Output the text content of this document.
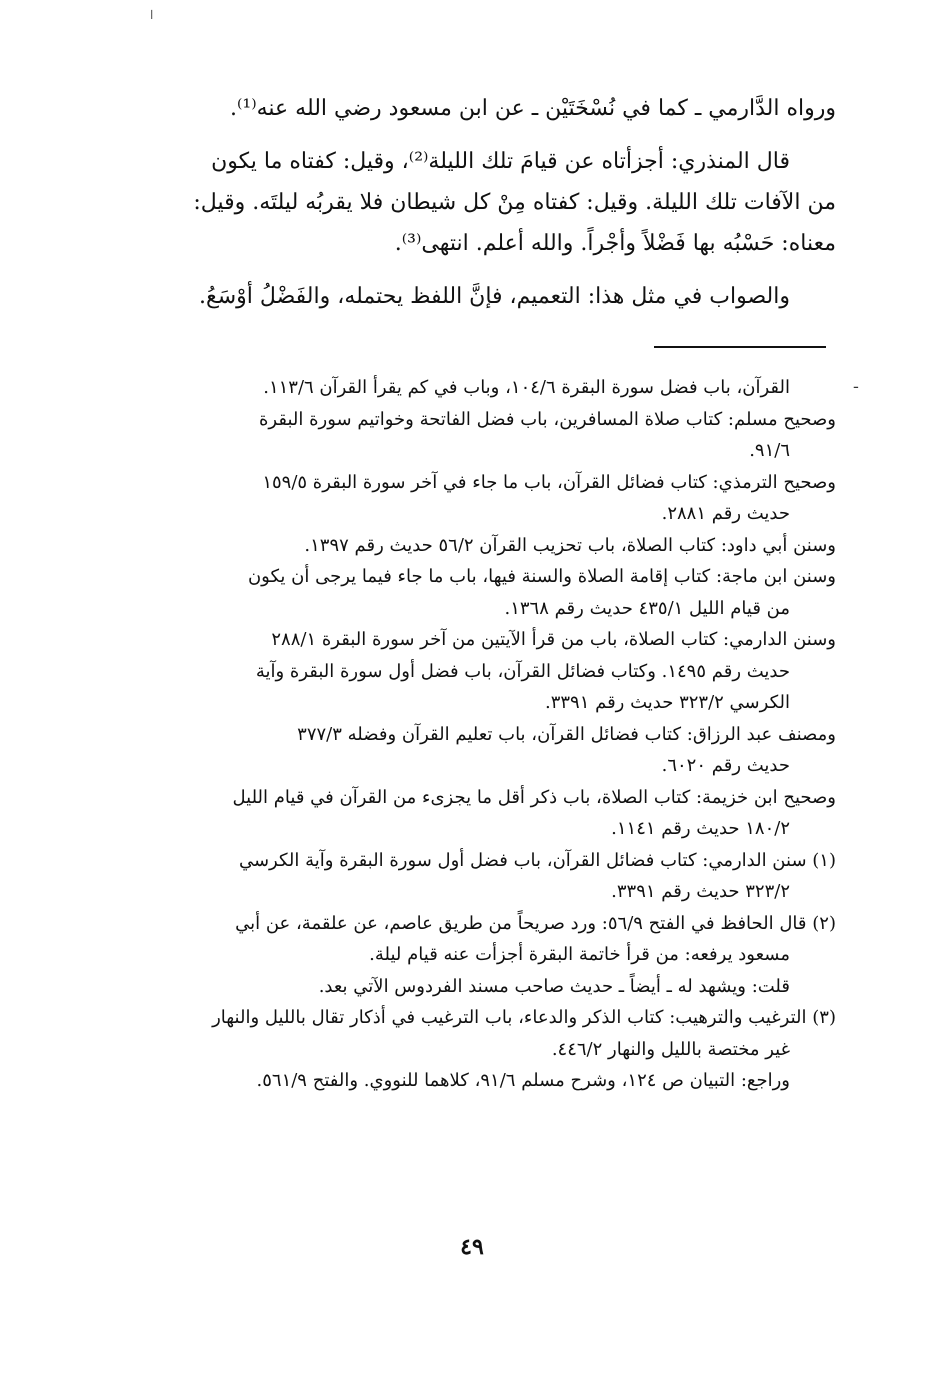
ا

ورواه الدَّارمي ـ كما في نُسْخَتَيْن ـ عن ابن مسعود رضي الله عنه⁽¹⁾.

قال المنذري: أجزأتاه عن قيامَ تلك الليلة⁽²⁾، وقيل: كفتاه ما يكون
من الآفات تلك الليلة. وقيل: كفتاه مِنْ كل شيطان فلا يقربُه ليلتَه. وقيل:
معناه: حَسْبُه بها فَضْلاً وأجْراً. والله أعلم. انتهى⁽³⁾.

والصواب في مثل هذا: التعميم، فإنَّ اللفظ يحتمله، والفَضْلُ أوْسَعُ.

ـ
القرآن، باب فضل سورة البقرة ١٠٤/٦، وباب في كم يقرأ القرآن ١١٣/٦.
وصحيح مسلم: كتاب صلاة المسافرين، باب فضل الفاتحة وخواتيم سورة البقرة
٩١/٦.
وصحيح الترمذي: كتاب فضائل القرآن، باب ما جاء في آخر سورة البقرة ١٥٩/٥
حديث رقم ٢٨٨١.
وسنن أبي داود: كتاب الصلاة، باب تحزيب القرآن ٥٦/٢ حديث رقم ١٣٩٧.
وسنن ابن ماجة: كتاب إقامة الصلاة والسنة فيها، باب ما جاء فيما يرجى أن يكون
من قيام الليل ٤٣٥/١ حديث رقم ١٣٦٨.
وسنن الدارمي: كتاب الصلاة، باب من قرأ الآيتين من آخر سورة البقرة ٢٨٨/١
حديث رقم ١٤٩٥. وكتاب فضائل القرآن، باب فضل أول سورة البقرة وآية
الكرسي ٣٢٣/٢ حديث رقم ٣٣٩١.
ومصنف عبد الرزاق: كتاب فضائل القرآن، باب تعليم القرآن وفضله ٣٧٧/٣
حديث رقم ٦٠٢٠.
وصحيح ابن خزيمة: كتاب الصلاة، باب ذكر أقل ما يجزىء من القرآن في قيام الليل
١٨٠/٢ حديث رقم ١١٤١.
(١) سنن الدارمي: كتاب فضائل القرآن، باب فضل أول سورة البقرة وآية الكرسي
٣٢٣/٢ حديث رقم ٣٣٩١.
(٢) قال الحافظ في الفتح ٥٦/٩: ورد صريحاً من طريق عاصم، عن علقمة، عن أبي
مسعود يرفعه: من قرأ خاتمة البقرة أجزأت عنه قيام ليلة.
قلت: ويشهد له ـ أيضاً ـ حديث صاحب مسند الفردوس الآتي بعد.
(٣) الترغيب والترهيب: كتاب الذكر والدعاء، باب الترغيب في أذكار تقال بالليل والنهار
غير مختصة بالليل والنهار ٤٤٦/٢.
وراجع: التبيان ص ١٢٤، وشرح مسلم ٩١/٦، كلاهما للنووي. والفتح ٥٦١/٩.
٤٩
